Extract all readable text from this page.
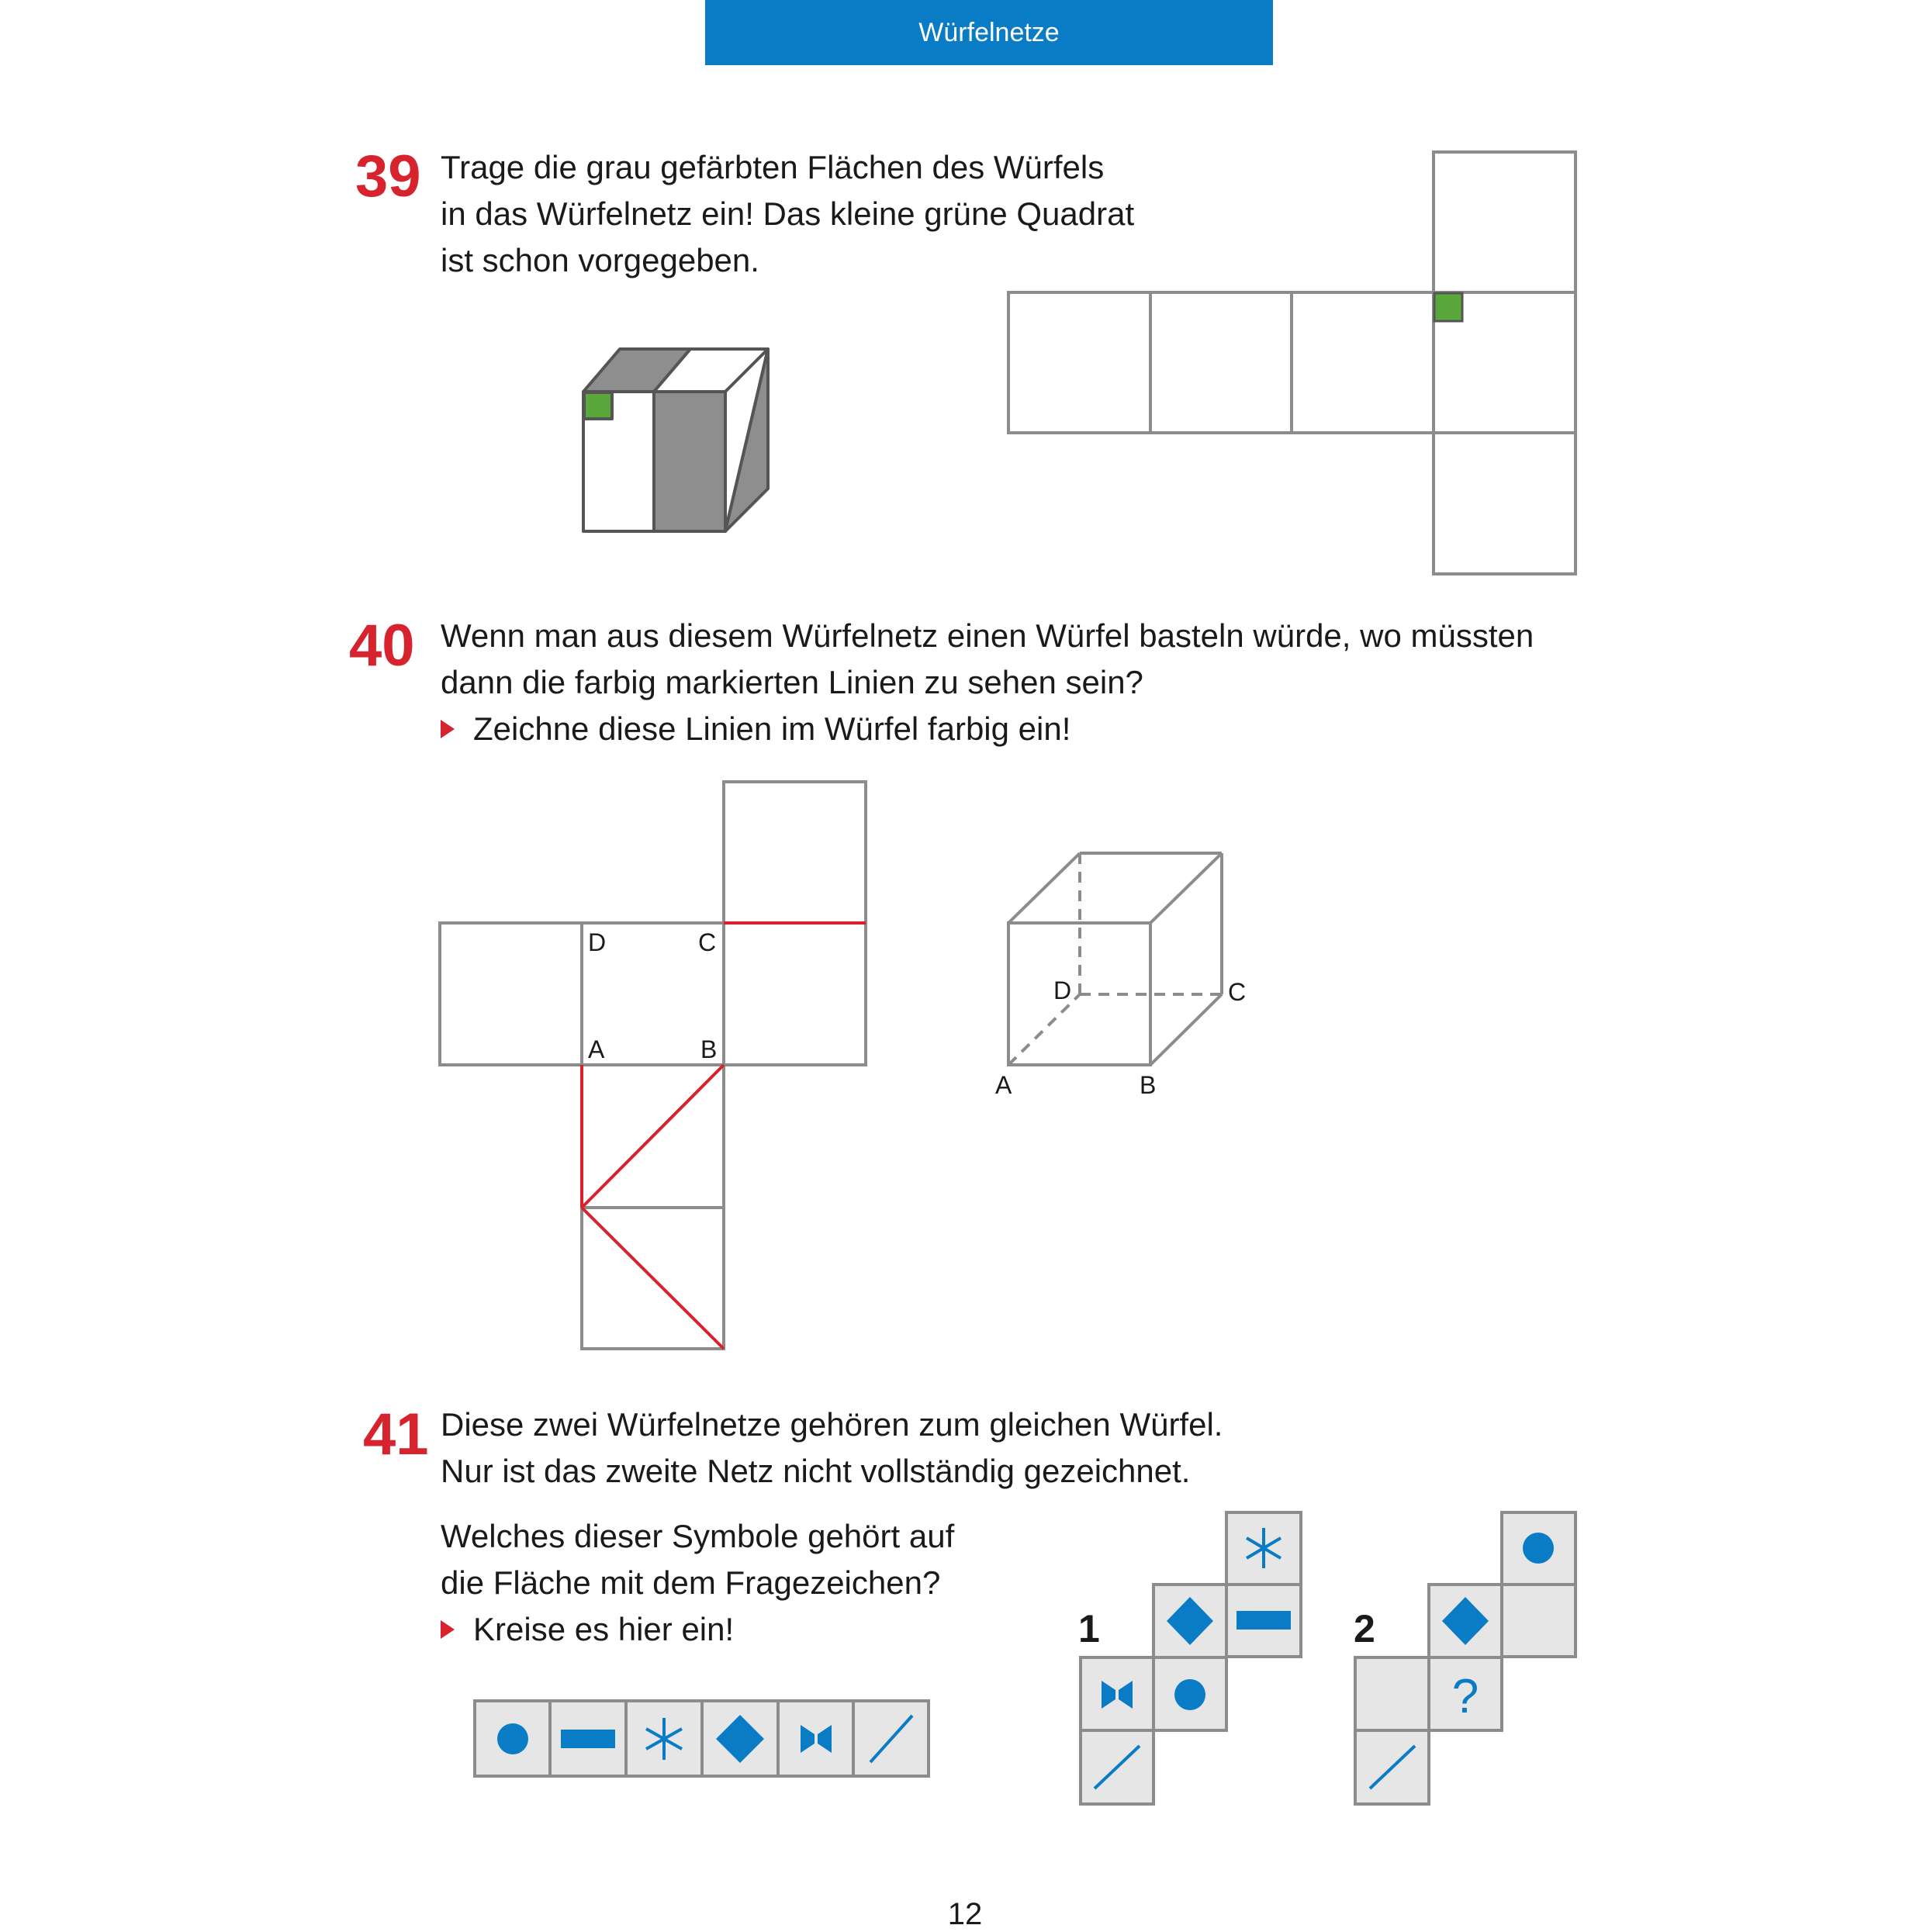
Würfelnetze
39 Trage die grau gefärbten Flächen des Würfels
in das Würfelnetz ein! Das kleine grüne Quadrat
ist schon vorgegeben.
D	C
A	B
D	C
A	B
1
?
2
40 Wenn man aus diesem Würfelnetz einen Würfel basteln würde, wo müssten
dann die farbig markierten Linien zu sehen sein?
Zeichne diese Linien im Würfel farbig ein!
41 Diese zwei Würfelnetze gehören zum gleichen Würfel.
Nur ist das zweite Netz nicht vollständig gezeichnet.
Welches dieser Symbole gehört auf
die Fläche mit dem Fragezeichen?
Kreise es hier ein!
12
